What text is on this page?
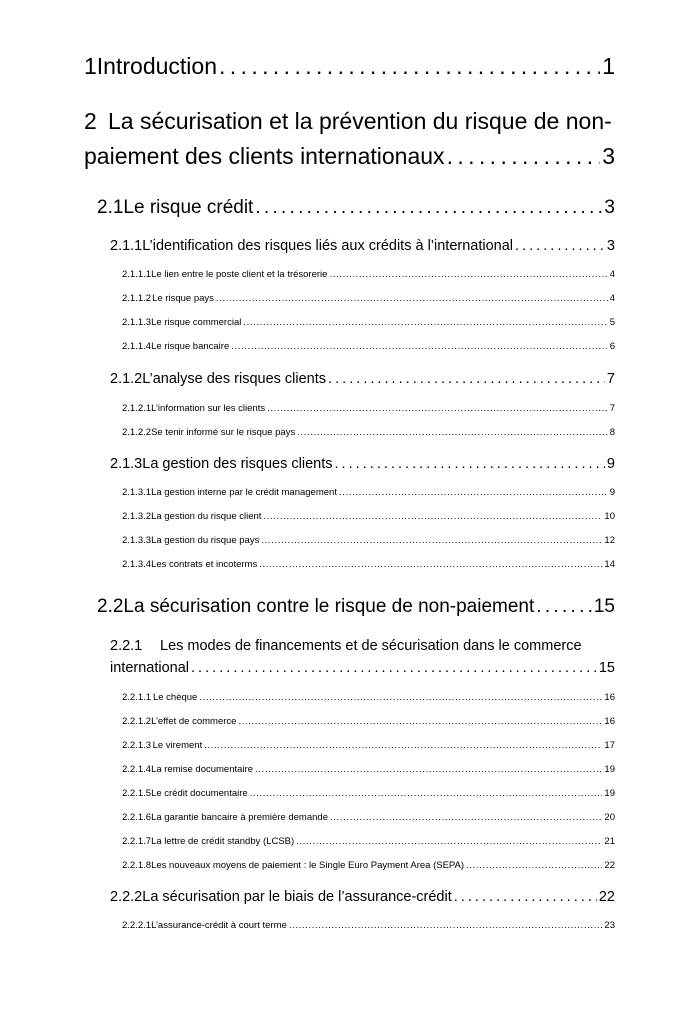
1 Introduction . . .	1
2 La sécurisation et la prévention du risque de non-
paiement des clients internationaux . . .	3
2.1 Le risque crédit . . .	3
2.1.1 L’identification des risques liés aux crédits à l’international . . .	3
2.1.1.1 Le lien entre le poste client et la trésorerie . . .	4
2.1.1.2 Le risque pays . . .	4
2.1.1.3 Le risque commercial . . .	5
2.1.1.4 Le risque bancaire . . .	6
2.1.2 L’analyse des risques clients . . .	7
2.1.2.1 L’information sur les clients . . .	7
2.1.2.2 Se tenir informé sur le risque pays . . .	8
2.1.3 La gestion des risques clients . . .	9
2.1.3.1 La gestion interne par le crédit management . . .	9
2.1.3.2 La gestion du risque client . . .	10
2.1.3.3 La gestion du risque pays . . .	12
2.1.3.4 Les contrats et incoterms . . .	14
2.2 La sécurisation contre le risque de non-paiement . . .	15
2.2.1 Les modes de financements et de sécurisation dans le commerce
international . . .	15
2.2.1.1 Le chèque . . .	16
2.2.1.2 L’effet de commerce . . .	16
2.2.1.3 Le virement . . .	17
2.2.1.4 La remise documentaire . . .	19
2.2.1.5 Le crédit documentaire . . .	19
2.2.1.6 La garantie bancaire à première demande . . .	20
2.2.1.7 La lettre de crédit standby (LCSB) . . .	21
2.2.1.8 Les nouveaux moyens de paiement : le Single Euro Payment Area (SEPA) . . .	22
2.2.2 La sécurisation par le biais de l’assurance-crédit . . .	22
2.2.2.1 L’assurance-crédit à court terme . . .	23
